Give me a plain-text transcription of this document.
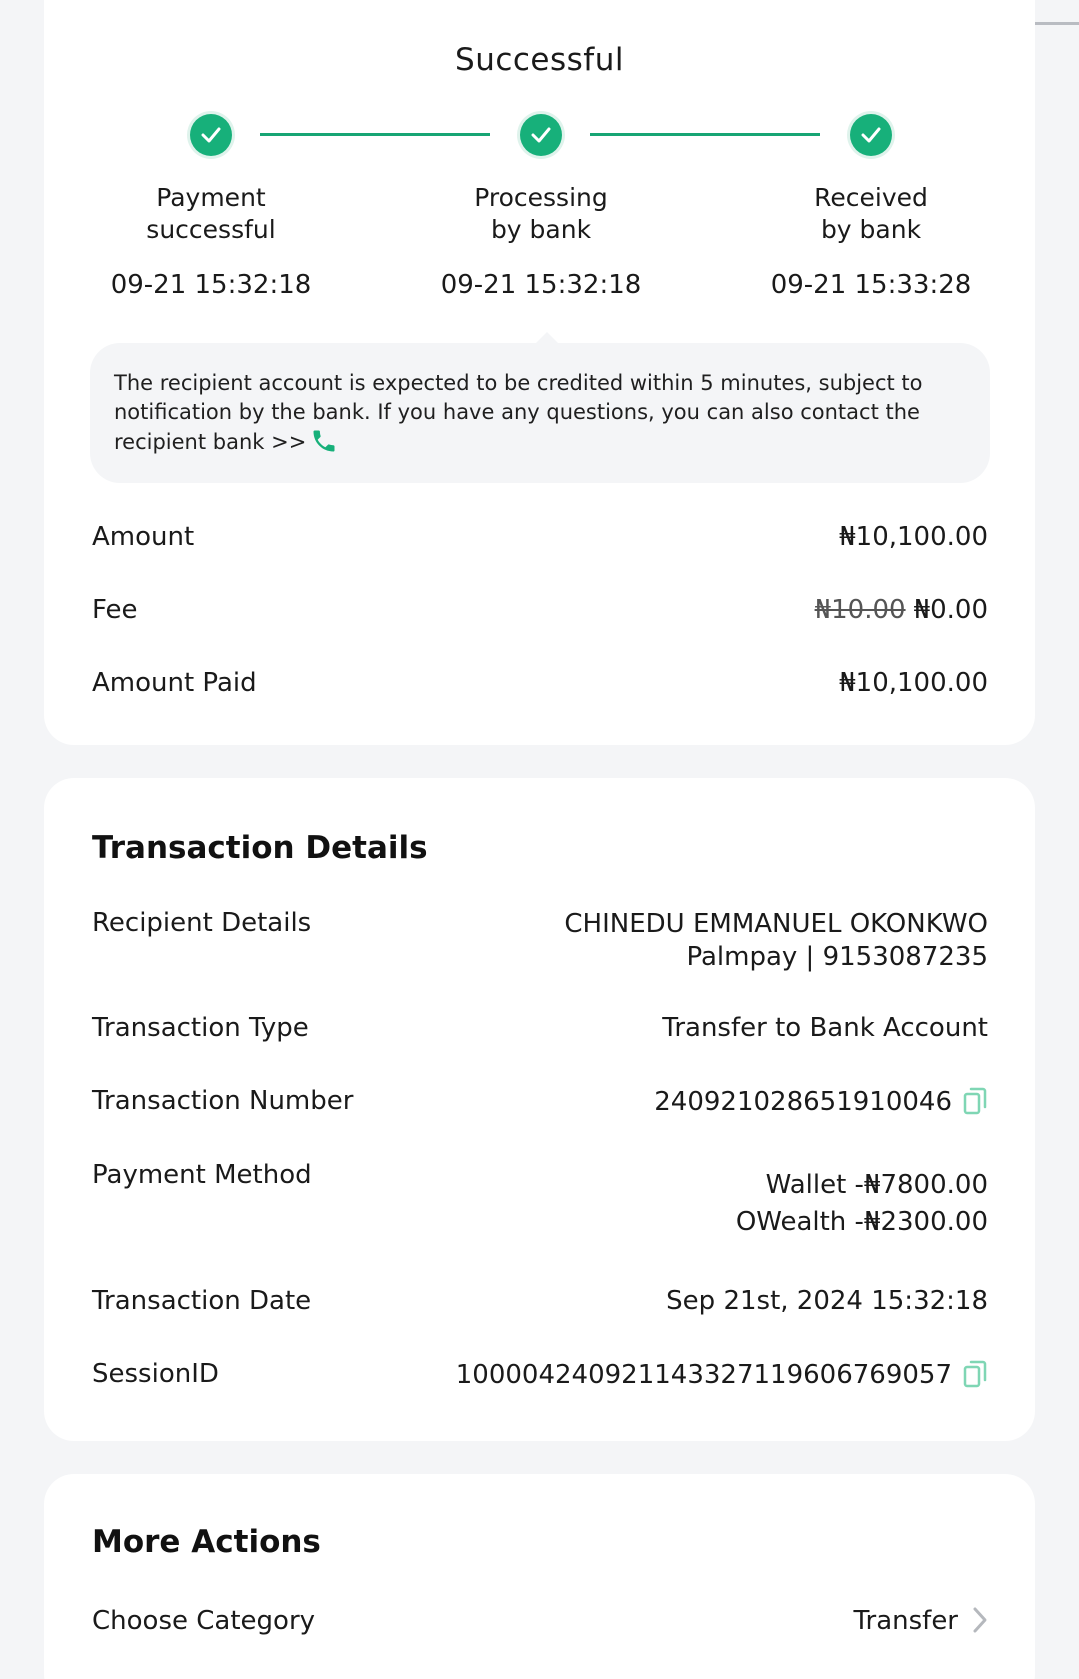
Successful
Payment
successful
Processing
by bank
Received
by bank
09-21 15:32:18	09-21 15:32:18	09-21 15:33:28
The recipient account is expected to be credited within 5 minutes, subject to notification by the bank. If you have any questions, you can also contact the recipient bank >>
Amount	₦10,100.00
Fee	₦10.00 ₦0.00
Amount Paid	₦10,100.00
Transaction Details
Recipient Details	CHINEDU EMMANUEL OKONKWO
Palmpay | 9153087235
Transaction Type	Transfer to Bank Account
Transaction Number	240921028651910046
Payment Method	Wallet -₦7800.00
OWealth -₦2300.00
Transaction Date	Sep 21st, 2024 15:32:18
SessionID	100004240921143327119606769057
More Actions
Choose Category	Transfer
